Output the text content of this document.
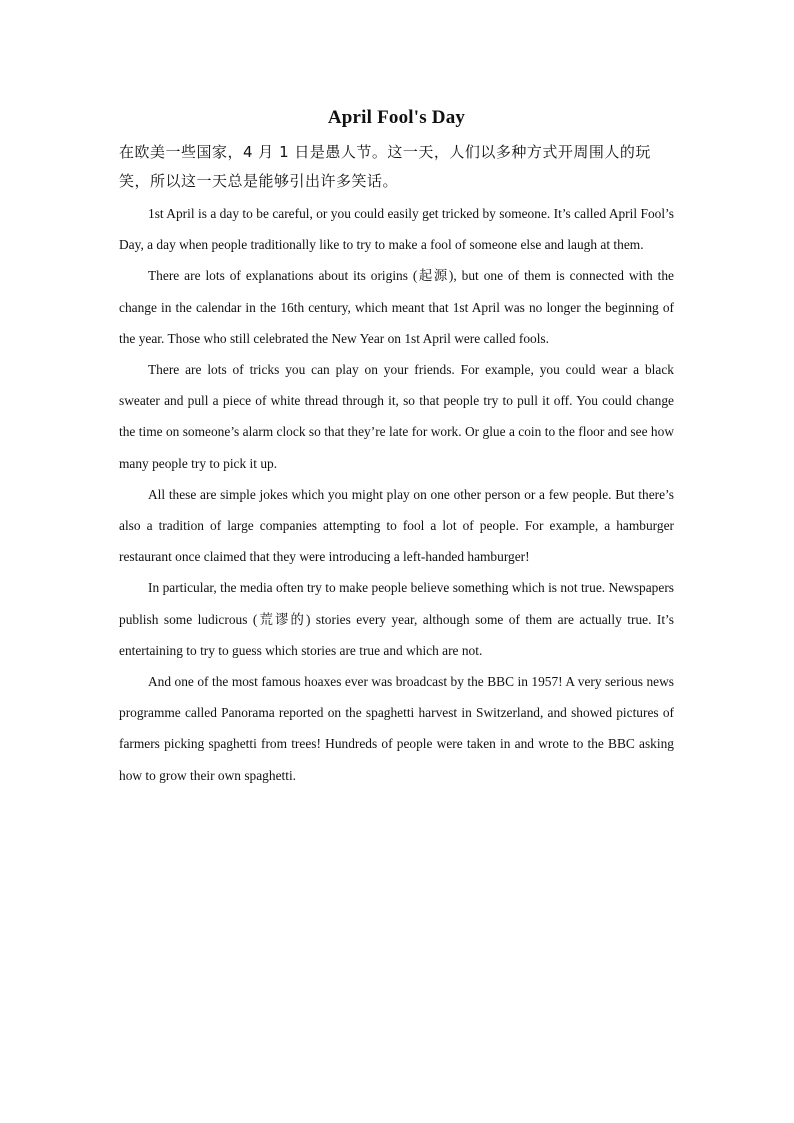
April Fool's Day

在欧美一些国家，4 月 1 日是愚人节。这一天，人们以多种方式开周围人的玩笑，所以这一天总是能够引出许多笑话。

1st April is a day to be careful, or you could easily get tricked by someone. It’s called April Fool’s Day, a day when people traditionally like to try to make a fool of someone else and laugh at them.

There are lots of explanations about its origins (起源), but one of them is connected with the change in the calendar in the 16th century, which meant that 1st April was no longer the beginning of the year. Those who still celebrated the New Year on 1st April were called fools.

There are lots of tricks you can play on your friends. For example, you could wear a black sweater and pull a piece of white thread through it, so that people try to pull it off. You could change the time on someone’s alarm clock so that they’re late for work. Or glue a coin to the floor and see how many people try to pick it up.

All these are simple jokes which you might play on one other person or a few people. But there’s also a tradition of large companies attempting to fool a lot of people. For example, a hamburger restaurant once claimed that they were introducing a left-handed hamburger!

In particular, the media often try to make people believe something which is not true. Newspapers publish some ludicrous (荒谬的) stories every year, although some of them are actually true. It’s entertaining to try to guess which stories are true and which are not.

And one of the most famous hoaxes ever was broadcast by the BBC in 1957! A very serious news programme called Panorama reported on the spaghetti harvest in Switzerland, and showed pictures of farmers picking spaghetti from trees! Hundreds of people were taken in and wrote to the BBC asking how to grow their own spaghetti.
